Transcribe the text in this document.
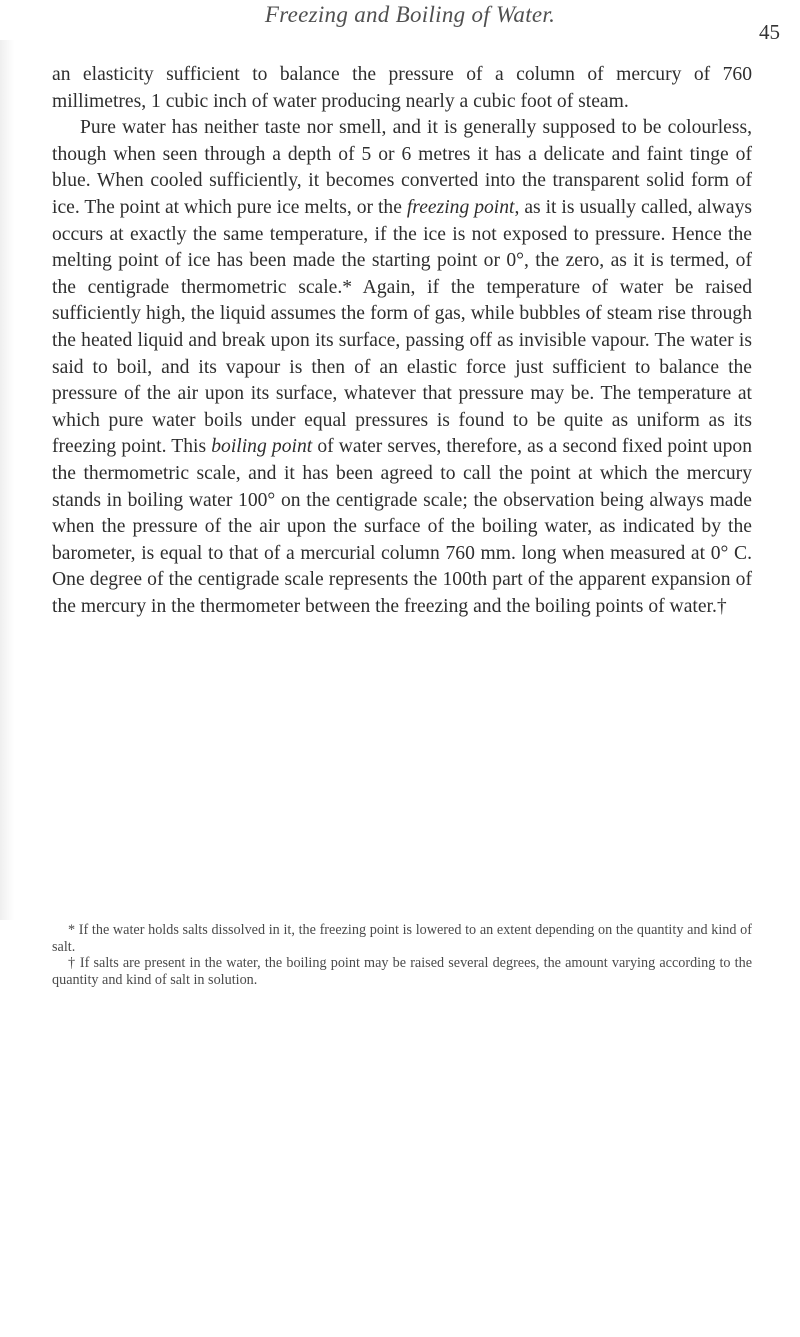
Freezing and Boiling of Water.
45

an elasticity sufficient to balance the pressure of a column of mercury of 760 millimetres, 1 cubic inch of water producing nearly a cubic foot of steam.

Pure water has neither taste nor smell, and it is generally supposed to be colourless, though when seen through a depth of 5 or 6 metres it has a delicate and faint tinge of blue. When cooled sufficiently, it becomes converted into the transparent solid form of ice. The point at which pure ice melts, or the freezing point, as it is usually called, always occurs at exactly the same temperature, if the ice is not exposed to pressure. Hence the melting point of ice has been made the starting point or 0°, the zero, as it is termed, of the centigrade thermometric scale.* Again, if the temperature of water be raised sufficiently high, the liquid assumes the form of gas, while bubbles of steam rise through the heated liquid and break upon its surface, passing off as invisible vapour. The water is said to boil, and its vapour is then of an elastic force just sufficient to balance the pressure of the air upon its surface, whatever that pressure may be. The temperature at which pure water boils under equal pressures is found to be quite as uniform as its freezing point. This boiling point of water serves, therefore, as a second fixed point upon the thermometric scale, and it has been agreed to call the point at which the mercury stands in boiling water 100° on the centigrade scale; the observation being always made when the pressure of the air upon the surface of the boiling water, as indicated by the barometer, is equal to that of a mercurial column 760 mm. long when measured at 0° C. One degree of the centigrade scale represents the 100th part of the apparent expansion of the mercury in the thermometer between the freezing and the boiling points of water.†

* If the water holds salts dissolved in it, the freezing point is lowered to an extent depending on the quantity and kind of salt.

† If salts are present in the water, the boiling point may be raised several degrees, the amount varying according to the quantity and kind of salt in solution.
